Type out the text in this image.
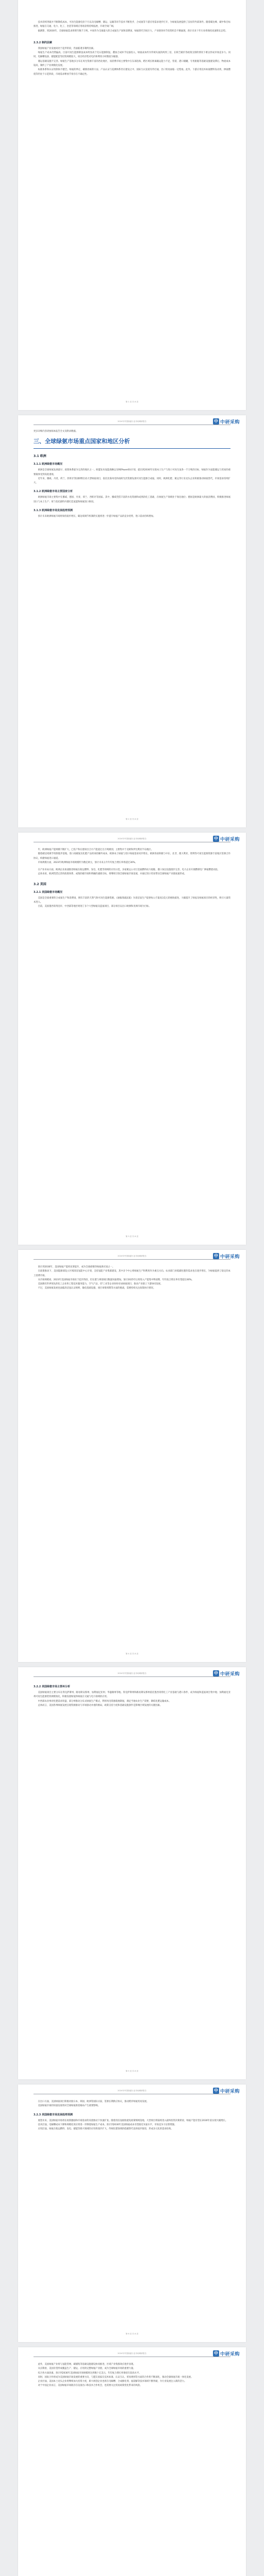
技术持续突破并不断降低成本，可再生能源电价下行以及电解槽、储运、运输等环节技术不断进步，合成氨等下游应用需求逐步打开，为绿氨发展提供了良好的外部条件。随着碳达峰、碳中和目标推进，绿氨在交通、电力、化工、冶金等领域应用场景将持续拓展，市场空间广阔。

据测算，到2030年，全球绿氨需求将增至数千万吨，中国作为全球最大的合成氨生产国和消费国，绿氨替代空间巨大，产业链各环节投资机会不断涌现，预计未来十年行业将保持高速增长态势。

2.3.2 制约因素

我国绿氨产业发展尚处于起步阶段，仍面临诸多制约因素。

绿氨生产成本仍然偏高。目前可再生能源制氢成本明显高于化石能源制氢，叠加合成环节设备投入，绿氨成本约为传统灰氨的两到三倍，在缺乏碳价等政策支撑的情况下难以形成市场竞争力。同时，电解槽设备、储能配套等投资规模较大，项目经济性对电价和利用小时数较为敏感。

储运基础设施不完善。绿氨生产基地多分布在风光资源丰富的西北地区，而消费市场主要集中在东部沿海，跨区域长距离输运能力不足，管道、港口储罐、专用船舶等基础设施建设滞后，物流成本较高，制约了产业规模化发展。

标准体系和认证机制尚不健全。绿氨的界定、碳排放核算方法、产品认证与追溯体系仍在建设之中，国际互认渠道有待打通，出口贸易面临一定壁垒。此外，下游应用技术如氨燃料发动机、掺氨燃烧等仍处于示范阶段，市场需求释放节奏存在不确定性。

第 1 页 共 8 页
2024年中国绿氨行业市场调研报告	中 中研采购

更多详细内容请参阅本报告全文及附录数据。

三、全球绿氨市场重点国家和地区分析
3.1 欧洲
3.1.1 欧洲绿氨市场概况

欧洲是全球绿氨发展最早、政策体系最为完善的地区之一。欧盟发布氢能战略以及REPowerEU计划，提出到2030年实现本土生产与进口可再生氢各一千万吨的目标，绿氨作为氢能储运与贸易的重要载体受到高度重视。

近年来，挪威、丹麦、荷兰、西班牙等国相继启动大型绿氨项目，依托北海风电和南欧光伏资源发展可再生能源合成氨。同时，欧洲化肥、航运等行业龙头企业积极推动绿氨替代，市场需求持续扩大。

3.1.2 欧洲绿氨市场主要国家分析

欧洲绿氨市场主要集中在挪威、德国、丹麦、荷兰、西班牙等国家。其中，挪威凭借丰富的水电资源和成熟的化工基础，在绿氨生产领域处于领先地位；德国是欧洲最大的氨消费国，积极推进绿氨进口与本土生产；荷兰依托鹿特丹港打造氢能和绿氨进口枢纽。

3.1.3 欧洲绿氨市场发展趋势预测

预计未来欧洲绿氨市场将保持稳步增长，碳边境调节机制的实施将进一步提升绿氨产品的竞争优势，进口需求持续增加。

第 2 页 共 8 页
2024年中国绿氨行业市场调研报告	中 中研采购

年，欧洲绿氨产能规模不断扩大，已投产和在建项目合计产能超过百万吨级别，主要集中于北欧和伊比利亚半岛地区。

随着碳边境调节机制逐步落地，进口高碳氨及化肥产品将承担额外成本，欧洲本土绿氨与进口绿氨需求同步增长。欧洲各国积极与中东、北非、澳大利亚、智利等可再生能源资源丰富地区签署合作协议，构建绿氨进口通道。

市场规模方面，2023年欧洲绿氨市场规模约为数亿欧元，预计未来五年年均复合增长率将超过30%。

在产业布局方面，欧洲企业加速推进绿氨在航运燃料、发电、化肥等领域的应用示范，多家航运公司订造氨燃料动力船舶，港口加注设施逐步完善，电力企业开展燃煤电厂掺氨燃烧试验。

总体来看，欧洲凭借完善的政策体系、成熟的碳市场和明确的减排目标，将继续引领全球绿氨市场发展，并通过进口贸易带动全球绿氨产业链加速形成。

3.2 美国
3.2.1 美国绿氨市场概况

美国是全球重要的合成氨生产和消费国，拥有丰富的天然气和可再生能源资源。《通胀削减法案》为清洁氢生产提供每公斤最高3美元的税收抵免，大幅提升了绿氢及绿氨项目的经济性，吸引大量资本进入。

目前，美国墨西哥湾沿岸、中西部等地区规划了多个大型绿氨及蓝氨项目，部分项目以出口欧洲和亚洲市场为目标。

第 3 页 共 8 页
2024年中国绿氨行业市场调研报告	中 中研采购

预计到2030年，美国绿氨产能将显著提升，成为全球重要的绿氨供应国之一。

在政策推动下，美国能源部设立区域清洁氢能中心计划，支持氢能产业集群建设，其中多个中心将绿氨生产和利用作为重点方向。农业部门对低碳化肥的需求也在逐步增长，为绿氨提供了稳定的本土消费市场。

从市场规模看，2023年美国绿氨市场处于起步阶段，但在建与规划项目数量快速增加，预计2025年后将进入产能集中释放期，年均复合增长率有望超过40%。

美国拥有世界领先的化工企业和工程技术服务能力，空气产品、CF工业等企业纷纷布局绿氨项目，推动产业链上下游协同发展。

不过，美国绿氨发展也面临清洁氢认证规则、输电基础设施、项目审批周期等方面的挑战，需要持续关注政策执行情况。

第 4 页 共 8 页
2024年中国绿氨行业市场调研报告	中 中研采购
3.2.2 美国绿氨市场主要州分析

美国绿氨项目主要分布在得克萨斯州、路易斯安那州、加利福尼亚州、华盛顿州等地。得克萨斯州和路易斯安那州依托墨西哥湾化工产业基础与港口条件，成为绿氨和蓝氨项目集中地；加利福尼亚州可再生能源装机规模领先，积极发展绿氢和绿氨在交通与电力领域的应用。

中西部农业州对化肥需求旺盛，部分州推动分布式绿氨生产模式，利用风电资源就地制氨，满足当地农业生产需要，降低化肥运输成本。

总体而言，美国各州绿氨发展呈现资源驱动与市场驱动并重的格局，政策支持力度和基础设施条件是影响区域发展的关键因素。

第 5 页 共 8 页
2024年中国绿氨行业市场调研报告	中 中研采购

在出口方面，美国绿氨项目积极对接日本、韩国、欧洲等国际买家，签署长期供应协议，推动跨洋绿氨贸易发展。

美国绿氨市场的快速发展将对全球绿氨供需格局产生重要影响。

3.2.3 美国绿氨市场发展趋势预测

展望未来，美国绿氨市场将在政策激励和市场需求的双重推动下快速扩张。随着清洁氢税收抵免政策细则落地，大型项目将陆续进入最终投资决策阶段，绿氨产能有望在2030年前实现大幅增长。

技术层面，电解槽成本下降和规模化效应将进一步降低绿氨生产成本，预计到2030年美国绿氨成本有望接近灰氨水平，市场竞争力显著增强。

应用层面，绿氨在航运燃料、发电、储能等新兴领域的应用将逐步扩大，传统化肥领域的低碳替代也将稳步推进，形成多元化的需求结构。

第 6 页 共 8 页
2024年中国绿氨行业市场调研报告	中 中研采购

此外，美国绿氨产业将与氢能管网、碳捕集等基础设施建设协同推进，区域产业集群效应逐步显现。

从长期看，美国有望形成覆盖生产、储运、应用的完整绿氨产业链，成为全球绿氨市场的重要力量。

综合各方面因素，预计到2030年美国绿氨市场规模将达到数十亿美元，年均复合增长率保持在较高水平。

同时，国际合作将成为美国绿氨市场发展的重要方向，与盟友国家在技术标准、认证互认、贸易规则等方面的合作将不断深化，推动全球绿氨市场一体化发展。

企业层面，美国本土龙头企业将继续加大投资力度，新兴初创企业也将在电解槽、合成催化剂、氨裂解等技术领域不断突破，为行业发展注入新的活力。

对于中国企业而言，美国绿氨市场既存在设备出口和技术合作机会，也需要关注贸易政策变化带来的风险。
